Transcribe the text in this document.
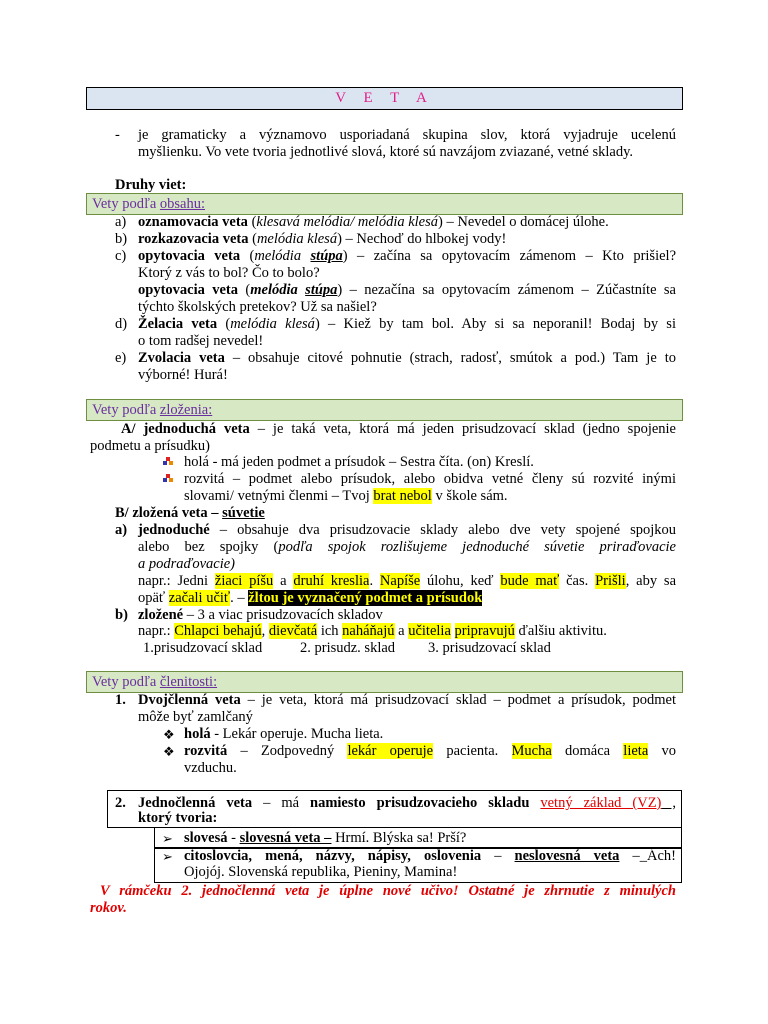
V E T A
- je gramaticky a významovo usporiadaná skupina slov, ktorá vyjadruje ucelenú
myšlienku. Vo vete tvoria jednotlivé slová, ktoré sú navzájom zviazané, vetné sklady.
Druhy viet:
Vety podľa obsahu:
a) oznamovacia veta (klesavá melódia/ melódia klesá) – Nevedel o domácej úlohe.
b) rozkazovacia veta (melódia klesá) – Nechoď do hlbokej vody!
c) opytovacia veta (melódia stúpa) – začína sa opytovacím zámenom – Kto prišiel?
Ktorý z vás to bol? Čo to bolo?
opytovacia veta (melódia stúpa) – nezačína sa opytovacím zámenom – Zúčastníte sa
týchto školských pretekov? Už sa našiel?
d) Želacia veta (melódia klesá) – Kiež by tam bol. Aby si sa neporanil! Bodaj by si
o tom radšej nevedel!
e) Zvolacia veta – obsahuje citové pohnutie (strach, radosť, smútok a pod.) Tam je to
výborné! Hurá!
Vety podľa zloženia:
A/ jednoduchá veta – je taká veta, ktorá má jeden prisudzovací sklad (jedno spojenie
podmetu a prísudku)
holá - má jeden podmet a prísudok – Sestra číta. (on) Kreslí.
rozvitá – podmet alebo prísudok, alebo obidva vetné členy sú rozvité inými
slovami/ vetnými členmi – Tvoj brat nebol v škole sám.
B/ zložená veta – súvetie
a) jednoduché – obsahuje dva prisudzovacie sklady alebo dve vety spojené spojkou
alebo bez spojky (podľa spojok rozlišujeme jednoduché súvetie priraďovacie
a podraďovacie)
napr.: Jedni žiaci píšu a druhí kreslia. Napíše úlohu, keď bude mať čas. Prišli, aby sa
opäť začali učiť. – žltou je vyznačený podmet a prísudok
b) zložené – 3 a viac prisudzovacích skladov
napr.: Chlapci behajú, dievčatá ich naháňajú a učitelia pripravujú ďalšiu aktivitu.
1.prisudzovací sklad	2. prisudz. sklad 3. prisudzovací sklad
Vety podľa členitosti:
1. Dvojčlenná veta – je veta, ktorá má prisudzovací sklad – podmet a prísudok, podmet
môže byť zamlčaný
❖ holá - Lekár operuje. Mucha lieta.
❖ rozvitá – Zodpovedný lekár operuje pacienta. Mucha domáca lieta vo
vzduchu.
2. Jednočlenná veta – má namiesto prisudzovacieho skladu vetný základ (VZ) ,
ktorý tvoria:
➢ slovesá - slovesná veta – Hrmí. Blýska sa! Prší?
➢ citoslovcia, mená, názvy, nápisy, oslovenia – neslovesná veta –_Ách!
Ojojój. Slovenská republika, Pieniny, Mamina!
V rámčeku 2. jednočlenná veta je úplne nové učivo! Ostatné je zhrnutie z minulých
rokov.
